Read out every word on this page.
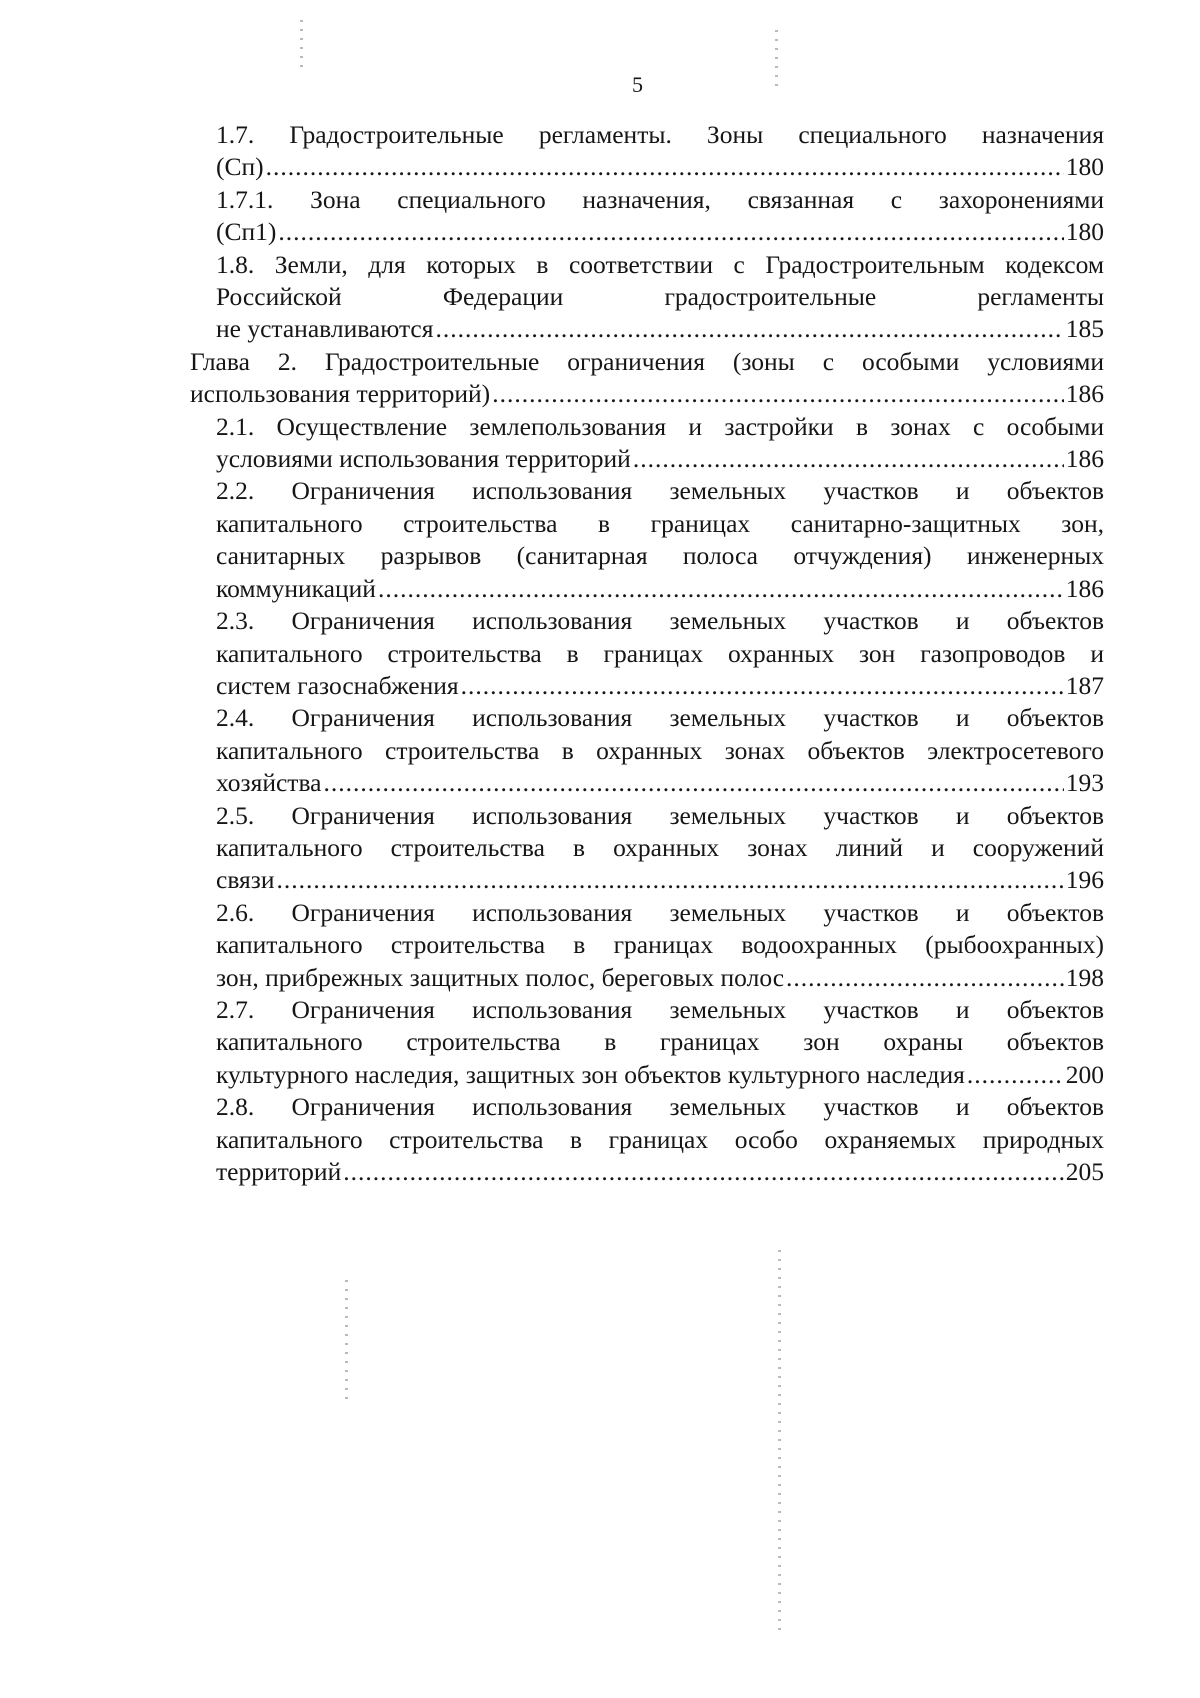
5
1.7. Градостроительные регламенты. Зоны специального назначения
(Сп) .....	180
1.7.1. Зона специального назначения, связанная с захоронениями
(Сп1) .....	180
1.8. Земли, для которых в соответствии с Градостроительным кодексом
Российской Федерации градостроительные регламенты
не устанавливаются .....	185
Глава 2. Градостроительные ограничения (зоны с особыми условиями
использования территорий) .....	186
2.1. Осуществление землепользования и застройки в зонах с особыми
условиями использования территорий .....	186
2.2. Ограничения использования земельных участков и объектов
капитального строительства в границах санитарно-защитных зон,
санитарных разрывов (санитарная полоса отчуждения) инженерных
коммуникаций .....	186
2.3. Ограничения использования земельных участков и объектов
капитального строительства в границах охранных зон газопроводов и
систем газоснабжения .....	187
2.4. Ограничения использования земельных участков и объектов
капитального строительства в охранных зонах объектов электросетевого
хозяйства .....	193
2.5. Ограничения использования земельных участков и объектов
капитального строительства в охранных зонах линий и сооружений
связи .....	196
2.6. Ограничения использования земельных участков и объектов
капитального строительства в границах водоохранных (рыбоохранных)
зон, прибрежных защитных полос, береговых полос .....	198
2.7. Ограничения использования земельных участков и объектов
капитального строительства в границах зон охраны объектов
культурного наследия, защитных зон объектов культурного наследия .....	200
2.8. Ограничения использования земельных участков и объектов
капитального строительства в границах особо охраняемых природных
территорий .....	205
